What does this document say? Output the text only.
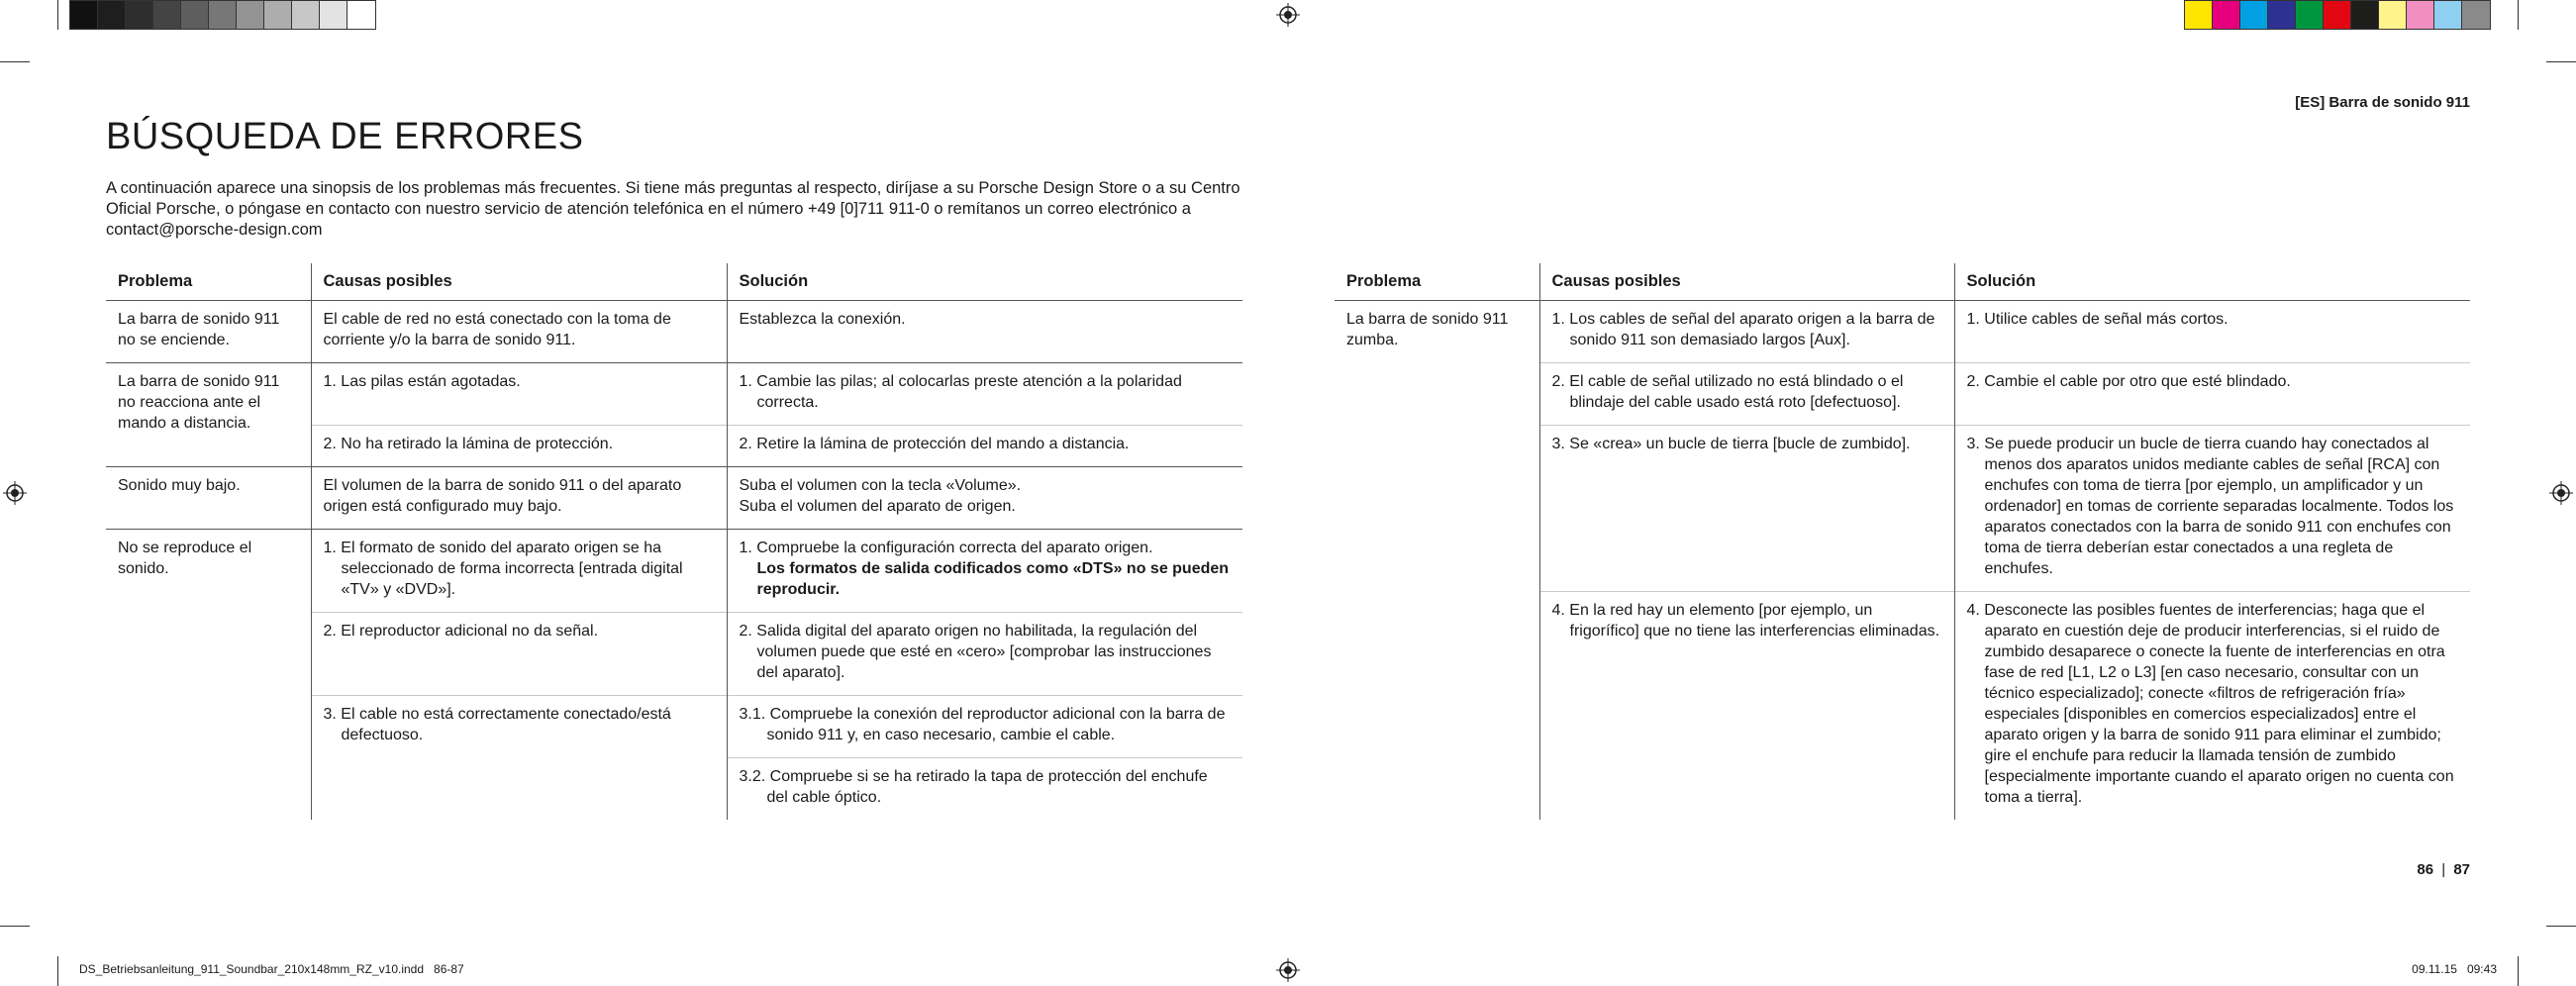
[ES] Barra de sonido 911
BÚSQUEDA DE ERRORES
A continuación aparece una sinopsis de los problemas más frecuentes. Si tiene más preguntas al respecto, diríjase a su Porsche Design Store o a su Centro Oficial Porsche, o póngase en contacto con nuestro servicio de atención telefónica en el número +49 [0]711 911-0 o remítanos un correo electrónico a contact@porsche-design.com
Problema	Causas posibles	Solución
La barra de sonido 911 no se enciende.	El cable de red no está conectado con la toma de corriente y/o la barra de sonido 911.	Establezca la conexión.
La barra de sonido 911 no reacciona ante el mando a distancia.	1. Las pilas están agotadas.	1. Cambie las pilas; al colocarlas preste atención a la polaridad correcta.

	2. No ha retirado la lámina de protección.	2. Retire la lámina de protección del mando a distancia.

Sonido muy bajo.	El volumen de la barra de sonido 911 o del aparato origen está configurado muy bajo.	Suba el volumen con la tecla «Volume».
Suba el volumen del aparato de origen.

No se reproduce el sonido.	1. El formato de sonido del aparato origen se ha seleccionado de forma incorrecta [entrada digital «TV» y «DVD»].	1. Compruebe la configuración correcta del aparato origen.
Los formatos de salida codificados como «DTS» no se pueden reproducir.

	2. El reproductor adicional no da señal.	2. Salida digital del aparato origen no habilitada, la regulación del volumen puede que esté en «cero» [comprobar las instrucciones del aparato].

	3. El cable no está correctamente conectado/está defectuoso.	3.1. Compruebe la conexión del reproductor adicional con la barra de sonido 911 y, en caso necesario, cambie el cable.

		3.2. Compruebe si se ha retirado la tapa de protección del enchufe del cable óptico.
Problema	Causas posibles	Solución
La barra de sonido 911 zumba.	1. Los cables de señal del aparato origen a la barra de sonido 911 son demasiado largos [Aux].	1. Utilice cables de señal más cortos.

	2. El cable de señal utilizado no está blindado o el blindaje del cable usado está roto [defectuoso].	2. Cambie el cable por otro que esté blindado.

	3. Se «crea» un bucle de tierra [bucle de zumbido].	3. Se puede producir un bucle de tierra cuando hay conectados al menos dos aparatos unidos mediante cables de señal [RCA] con enchufes con toma de tierra [por ejemplo, un amplificador y un ordenador] en tomas de corriente separadas localmente. Todos los aparatos conectados con la barra de sonido 911 con enchufes con toma de tierra deberían estar conectados a una regleta de enchufes.

	4. En la red hay un elemento [por ejemplo, un frigorífico] que no tiene las interferencias eliminadas.	4. Desconecte las posibles fuentes de interferencias; haga que el aparato en cuestión deje de producir interferencias, si el ruido de zumbido desaparece o conecte la fuente de interferencias en otra fase de red [L1, L2 o L3] [en caso necesario, consultar con un técnico especializado]; conecte «filtros de refrigeración fría» especiales [disponibles en comercios especializados] entre el aparato origen y la barra de sonido 911 para eliminar el zumbido; gire el enchufe para reducir la llamada tensión de zumbido [especialmente importante cuando el aparato origen no cuenta con toma a tierra].
86 | 87
DS_Betriebsanleitung_911_Soundbar_210x148mm_RZ_v10.indd   86-87	09.11.15   09:43
